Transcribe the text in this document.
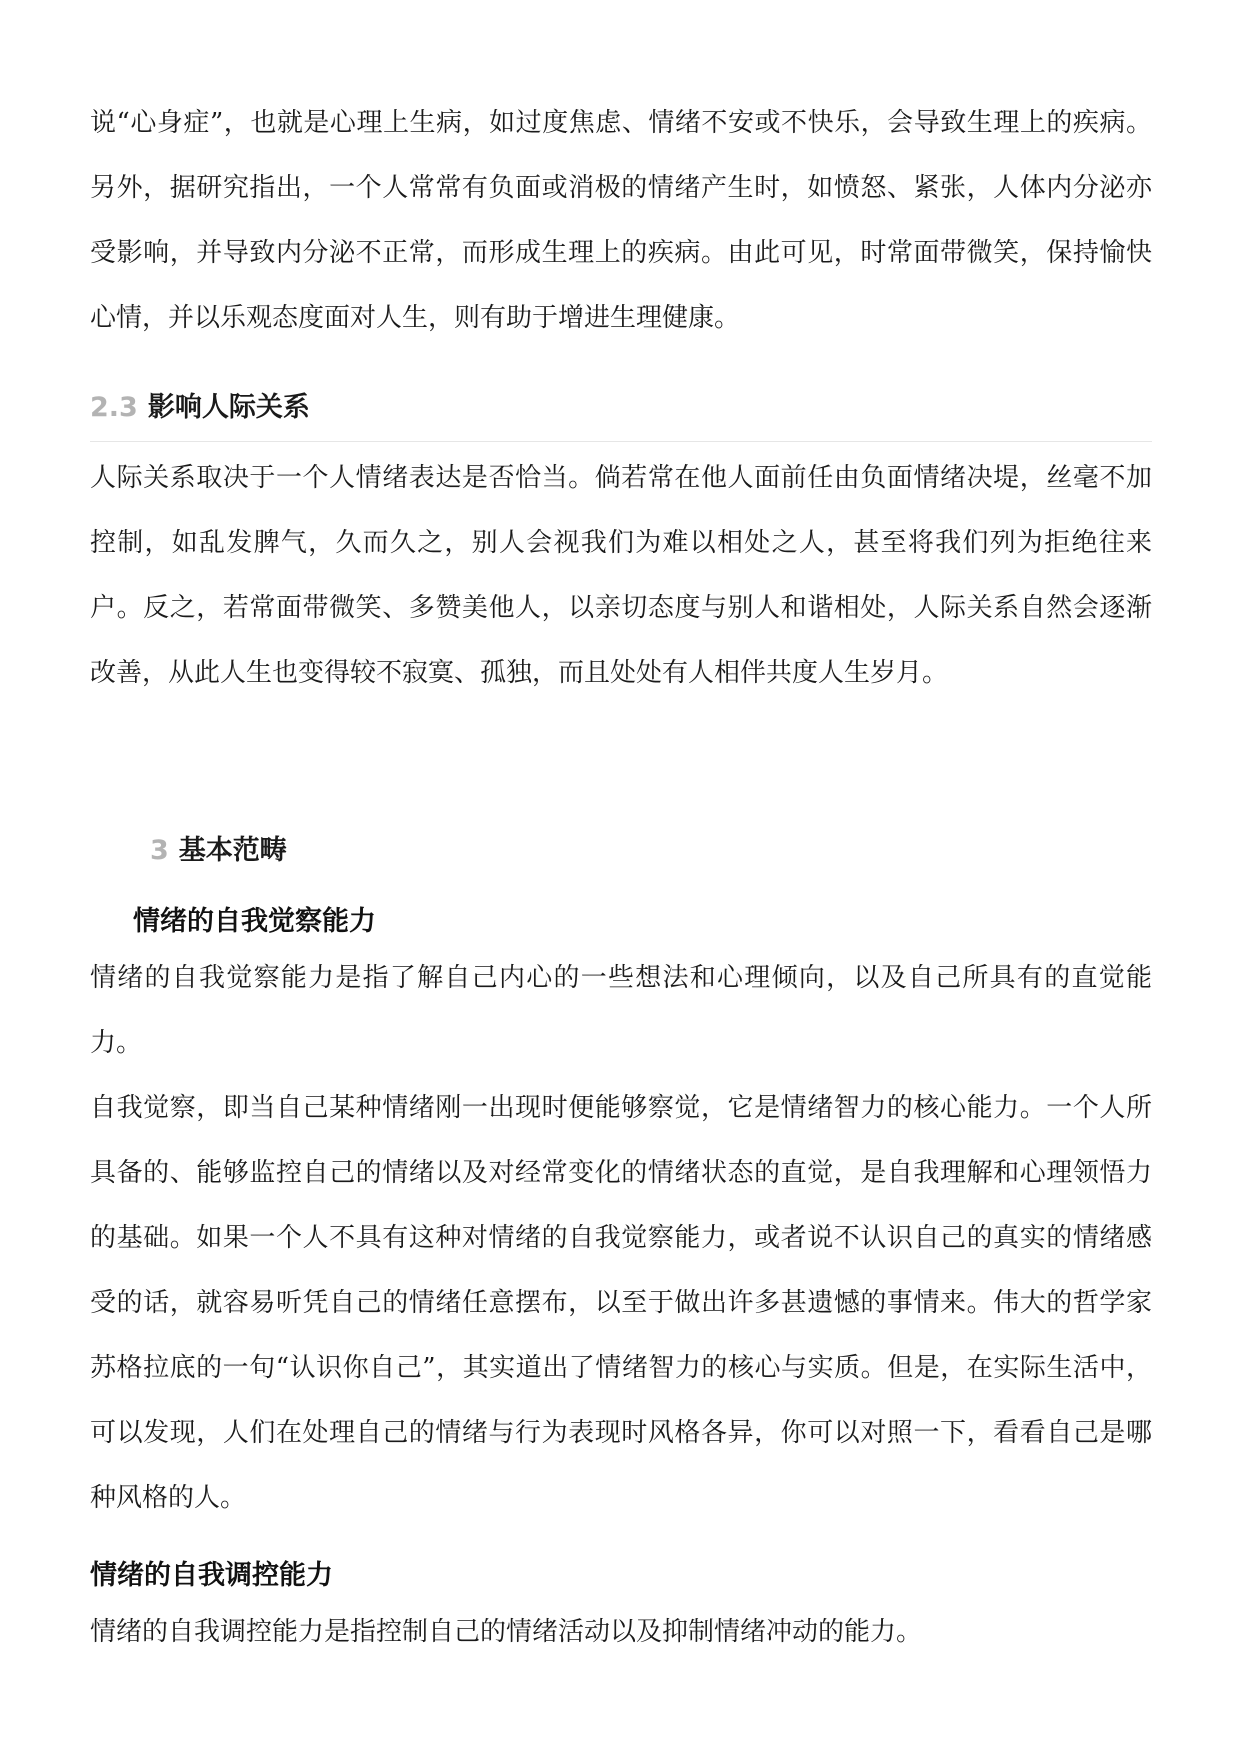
说“心身症”，也就是心理上生病，如过度焦虑、情绪不安或不快乐，会导致生理上的疾病。另外，据研究指出，一个人常常有负面或消极的情绪产生时，如愤怒、紧张，人体内分泌亦受影响，并导致内分泌不正常，而形成生理上的疾病。由此可见，时常面带微笑，保持愉快心情，并以乐观态度面对人生，则有助于增进生理健康。

2.3 影响人际关系

人际关系取决于一个人情绪表达是否恰当。倘若常在他人面前任由负面情绪决堤，丝毫不加控制，如乱发脾气，久而久之，别人会视我们为难以相处之人，甚至将我们列为拒绝往来户。反之，若常面带微笑、多赞美他人，以亲切态度与别人和谐相处，人际关系自然会逐渐改善，从此人生也变得较不寂寞、孤独，而且处处有人相伴共度人生岁月。

3 基本范畴
情绪的自我觉察能力

情绪的自我觉察能力是指了解自己内心的一些想法和心理倾向，以及自己所具有的直觉能力。

自我觉察，即当自己某种情绪刚一出现时便能够察觉，它是情绪智力的核心能力。一个人所具备的、能够监控自己的情绪以及对经常变化的情绪状态的直觉，是自我理解和心理领悟力的基础。如果一个人不具有这种对情绪的自我觉察能力，或者说不认识自己的真实的情绪感受的话，就容易听凭自己的情绪任意摆布，以至于做出许多甚遗憾的事情来。伟大的哲学家苏格拉底的一句“认识你自己”，其实道出了情绪智力的核心与实质。但是，在实际生活中，可以发现，人们在处理自己的情绪与行为表现时风格各异，你可以对照一下，看看自己是哪种风格的人。

情绪的自我调控能力

情绪的自我调控能力是指控制自己的情绪活动以及抑制情绪冲动的能力。
